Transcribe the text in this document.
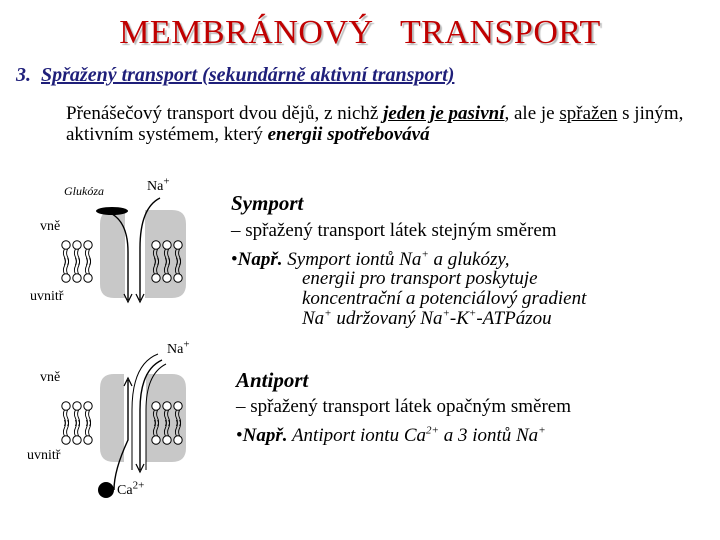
MEMBRÁNOVÝ   TRANSPORT
3. Spřažený transport (sekundárně aktivní transport)
Přenášečový transport dvou dějů, z nichž jeden je pasivní, ale je spřažen s jiným, aktivním systémem, který energii spotřebovává
Symport
– spřažený transport látek stejným směrem
•Např. Symport iontů Na+ a glukózy,
energii pro transport poskytuje
koncentrační a potenciálový gradient
Na+ udržovaný Na+-K+-ATPázou
Antiport
– spřažený transport látek opačným směrem
•Např. Antiport iontu $Ca^{2+}$ a 3 iontů Na+
Glukóza	Na+
vně
uvnitř
Na+
vně
uvnitř
$Ca^{2+}$
